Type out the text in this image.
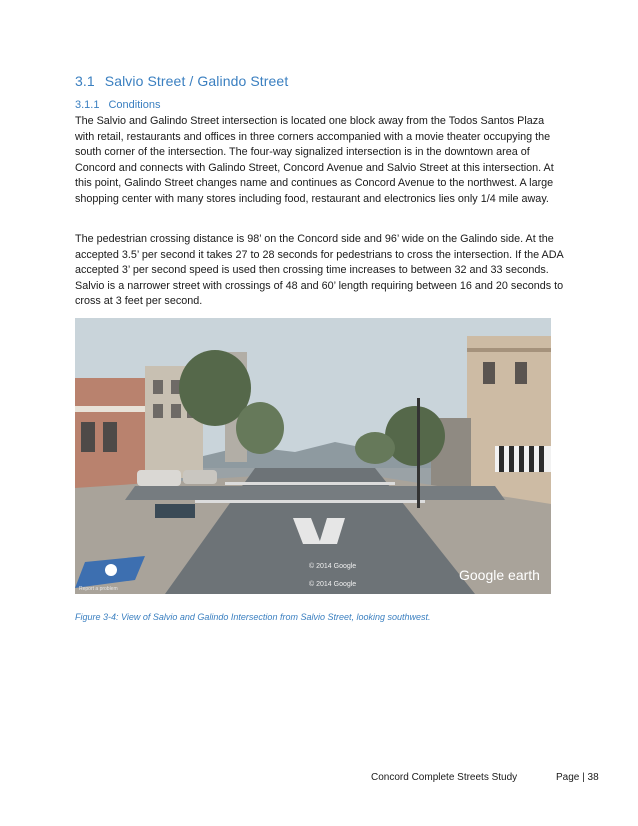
3.1 Salvio Street / Galindo Street
3.1.1 Conditions

The Salvio and Galindo Street intersection is located one block away from the Todos Santos Plaza with retail, restaurants and offices in three corners accompanied with a movie theater occupying the south corner of the intersection. The four-way signalized intersection is in the downtown area of Concord and connects with Galindo Street, Concord Avenue and Salvio Street at this intersection. At this point, Galindo Street changes name and continues as Concord Avenue to the northwest. A large shopping center with many stores including food, restaurant and electronics lies only 1/4 mile away.

The pedestrian crossing distance is 98’ on the Concord side and 96’ wide on the Galindo side. At the accepted 3.5’ per second it takes 27 to 28 seconds for pedestrians to cross the intersection. If the ADA accepted 3’ per second speed is used then crossing time increases to between 32 and 33 seconds. Salvio is a narrower street with crossings of 48 and 60’ length requiring between 16 and 20 seconds to cross at 3 feet per second.

© 2014 Google
© 2014 Google
Google earth
Report a problem
Figure 3-4: View of Salvio and Galindo Intersection from Salvio Street, looking southwest.
Concord Complete Streets Study	Page | 38
